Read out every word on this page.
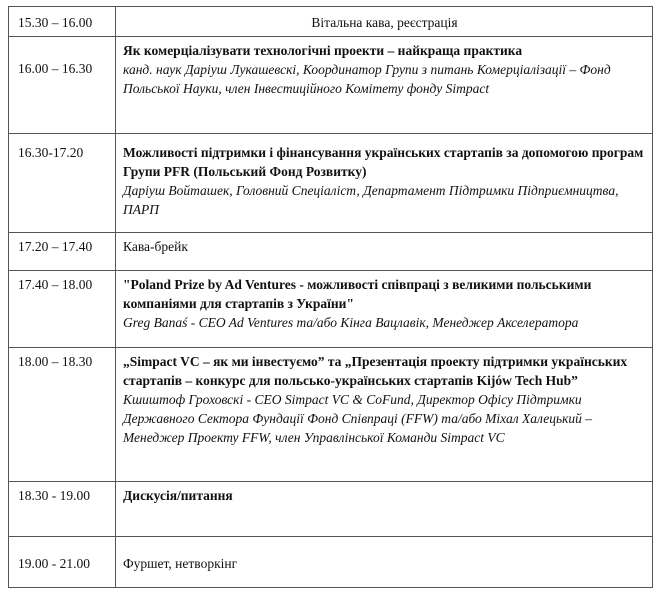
15.30 – 16.00	Вітальна кава, реєстрація
16.00 – 16.30	Як комерціалізувати технологічні проекти – найкраща практика
канд. наук Даріуш Лукашевскі, Координатор Групи з питань Комерціалізації – Фонд Польської Науки, член Інвестиційного Комітету фонду Simpact

16.30-17.20	Можливості підтримки і фінансування українських стартапів за допомогою програм Групи PFR (Польський Фонд Розвитку)
Даріуш Войташек, Головний Спеціаліст, Департамент Підтримки Підприємництва, ПАРП

17.20 – 17.40	Кава-брейк
17.40 – 18.00	"Poland Prize by Ad Ventures - можливості співпраці з великими польськими компаніями для стартапів з України"
Greg Banaś - CEO Ad Ventures та/або Кінга Вацлавік, Менеджер Акселератора

18.00 – 18.30	„Simpact VC – як ми інвестуємо” та „Презентація проекту підтримки українських стартапів – конкурс для польсько-українських стартапів Kijów Tech Hub”
Кшиштоф Гроховскі - CEO Simpact VC & CoFund, Директор Офісу Підтримки Державного Сектора Фундації Фонд Співпраці (FFW) та/або Міхал Халецький – Менеджер Проекту FFW, член Управлінської Команди Simpact VC

18.30 - 19.00	Дискусія/питання

19.00 - 21.00	Фуршет, нетворкінг
